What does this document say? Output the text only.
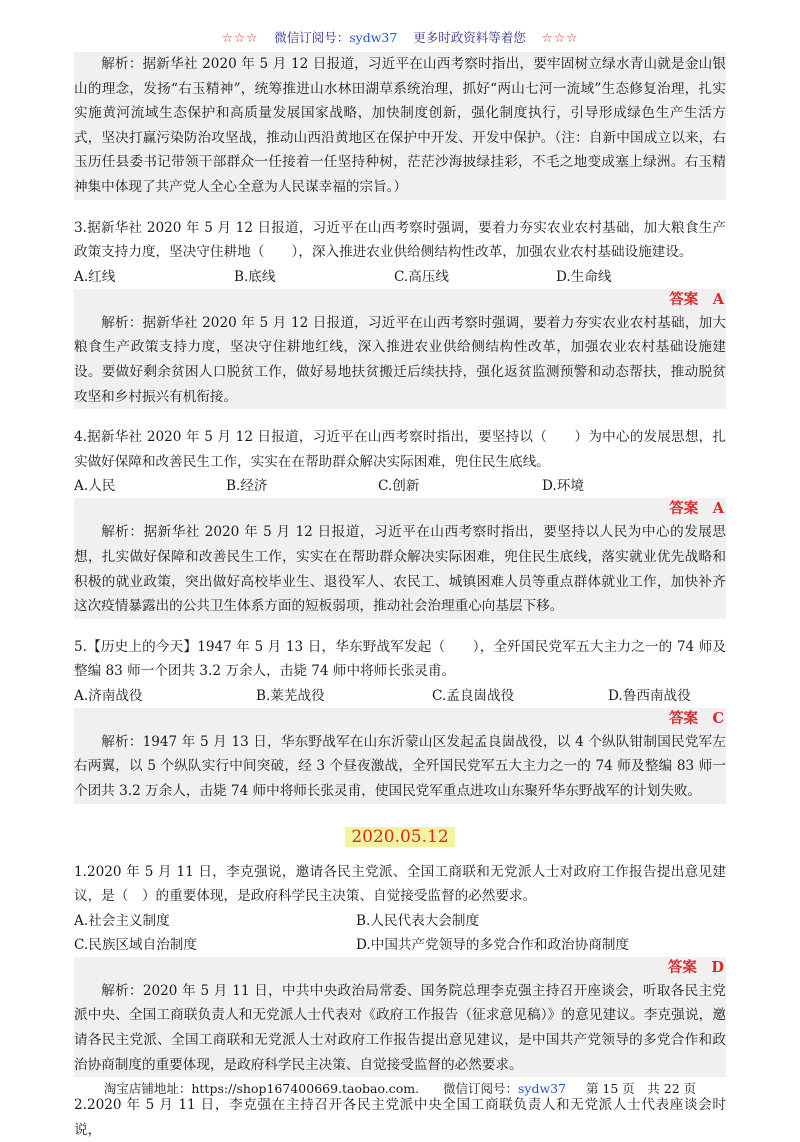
☆☆☆ 微信订阅号：sydw37 更多时政资料等着您 ☆☆☆

解析：据新华社 2020 年 5 月 12 日报道，习近平在山西考察时指出，要牢固树立绿水青山就是金山银山的理念，发扬“右玉精神”，统筹推进山水林田湖草系统治理，抓好“两山七河一流域”生态修复治理，扎实实施黄河流域生态保护和高质量发展国家战略，加快制度创新，强化制度执行，引导形成绿色生产生活方式，坚决打赢污染防治攻坚战，推动山西沿黄地区在保护中开发、开发中保护。（注：自新中国成立以来，右玉历任县委书记带领干部群众一任接着一任坚持种树，茫茫沙海披绿挂彩，不毛之地变成塞上绿洲。右玉精神集中体现了共产党人全心全意为人民谋幸福的宗旨。）

3.据新华社 2020 年 5 月 12 日报道，习近平在山西考察时强调，要着力夯实农业农村基础，加大粮食生产政策支持力度，坚决守住耕地（　　），深入推进农业供给侧结构性改革，加强农业农村基础设施建设。

A.红线	B.底线	C.高压线	D.生命线
答案　A

解析：据新华社 2020 年 5 月 12 日报道，习近平在山西考察时强调，要着力夯实农业农村基础，加大粮食生产政策支持力度，坚决守住耕地红线，深入推进农业供给侧结构性改革，加强农业农村基础设施建设。要做好剩余贫困人口脱贫工作，做好易地扶贫搬迁后续扶持，强化返贫监测预警和动态帮扶，推动脱贫攻坚和乡村振兴有机衔接。

4.据新华社 2020 年 5 月 12 日报道，习近平在山西考察时指出，要坚持以（　　）为中心的发展思想，扎实做好保障和改善民生工作，实实在在帮助群众解决实际困难，兜住民生底线。

A.人民	B.经济	C.创新	D.环境
答案　A

解析：据新华社 2020 年 5 月 12 日报道，习近平在山西考察时指出，要坚持以人民为中心的发展思想，扎实做好保障和改善民生工作，实实在在帮助群众解决实际困难，兜住民生底线，落实就业优先战略和积极的就业政策，突出做好高校毕业生、退役军人、农民工、城镇困难人员等重点群体就业工作，加快补齐这次疫情暴露出的公共卫生体系方面的短板弱项，推动社会治理重心向基层下移。

5.【历史上的今天】1947 年 5 月 13 日，华东野战军发起（　　），全歼国民党军五大主力之一的 74 师及整编 83 师一个团共 3.2 万余人，击毙 74 师中将师长张灵甫。

A.济南战役	B.莱芜战役	C.孟良崮战役	D.鲁西南战役
答案　C

解析：1947 年 5 月 13 日，华东野战军在山东沂蒙山区发起孟良崮战役，以 4 个纵队钳制国民党军左右两翼，以 5 个纵队实行中间突破，经 3 个昼夜激战，全歼国民党军五大主力之一的 74 师及整编 83 师一个团共 3.2 万余人，击毙 74 师中将师长张灵甫，使国民党军重点进攻山东聚歼华东野战军的计划失败。

2020.05.12

1.2020 年 5 月 11 日，李克强说，邀请各民主党派、全国工商联和无党派人士对政府工作报告提出意见建议，是（　）的重要体现，是政府科学民主决策、自觉接受监督的必然要求。

A.社会主义制度	B.人民代表大会制度
C.民族区域自治制度	D.中国共产党领导的多党合作和政治协商制度
答案　D

解析：2020 年 5 月 11 日，中共中央政治局常委、国务院总理李克强主持召开座谈会，听取各民主党派中央、全国工商联负责人和无党派人士代表对《政府工作报告（征求意见稿）》的意见建议。李克强说，邀请各民主党派、全国工商联和无党派人士对政府工作报告提出意见建议，是中国共产党领导的多党合作和政治协商制度的重要体现，是政府科学民主决策、自觉接受监督的必然要求。

2.2020 年 5 月 11 日，李克强在主持召开各民主党派中央全国工商联负责人和无党派人士代表座谈会时说，

淘宝店铺地址：https://shop167400669.taobao.com. 微信订阅号：sydw37 第 15 页　共 22 页
